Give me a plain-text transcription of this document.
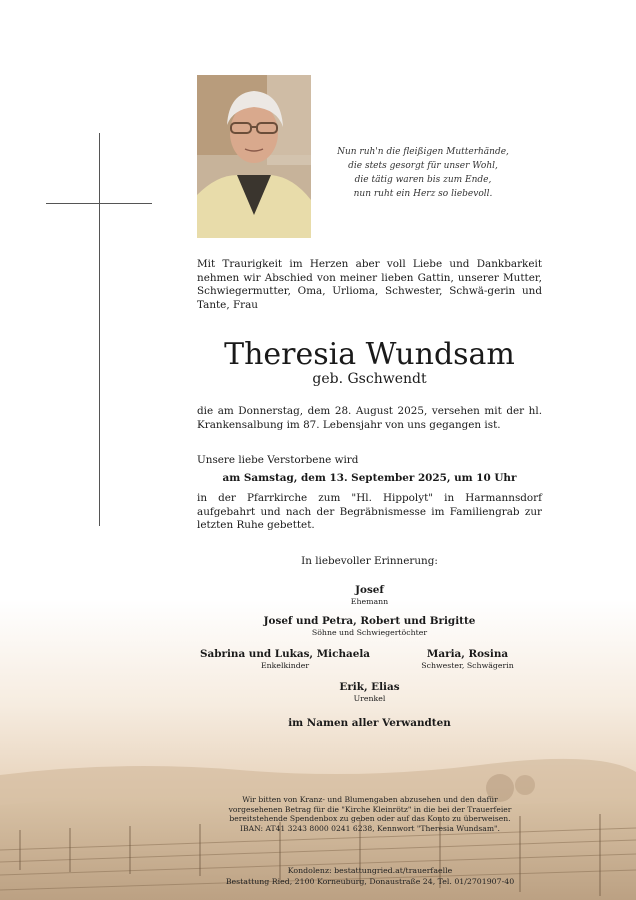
Nun ruh'n die fleißigen Mutterhände,
die stets gesorgt für unser Wohl,
die tätig waren bis zum Ende,
nun ruht ein Herz so liebevoll.
Mit Traurigkeit im Herzen aber voll Liebe und Dankbarkeit nehmen wir Abschied von meiner lieben Gattin, unserer Mutter, Schwiegermutter, Oma, Urlioma, Schwester, Schwä-gerin und Tante, Frau
Theresia Wundsam
geb. Gschwendt
die am Donnerstag, dem 28. August 2025, versehen mit der hl. Krankensalbung im 87. Lebensjahr von uns gegangen ist.
Unsere liebe Verstorbene wird
am Samstag, dem 13. September 2025, um 10 Uhr
in der Pfarrkirche zum "Hl. Hippolyt" in Harmannsdorf aufgebahrt und nach der Begräbnismesse im Familiengrab zur letzten Ruhe gebettet.
In liebevoller Erinnerung:
Josef
Ehemann
Josef und Petra, Robert und Brigitte
Söhne und Schwiegertöchter
Sabrina und Lukas, Michaela
Enkelkinder
Maria, Rosina
Schwester, Schwägerin
Erik, Elias
Urenkel
im Namen aller Verwandten
Wir bitten von Kranz- und Blumengaben abzusehen und den dafür
vorgesehenen Betrag für die "Kirche Kleinrötz" in die bei der Trauerfeier
bereitstehende Spendenbox zu geben oder auf das Konto zu überweisen.
IBAN: AT41 3243 8000 0241 6238, Kennwort "Theresia Wundsam".
Kondolenz: bestattungried.at/trauerfaelle
Bestattung Ried, 2100 Korneuburg, Donaustraße 24, Tel. 01/2701907-40
